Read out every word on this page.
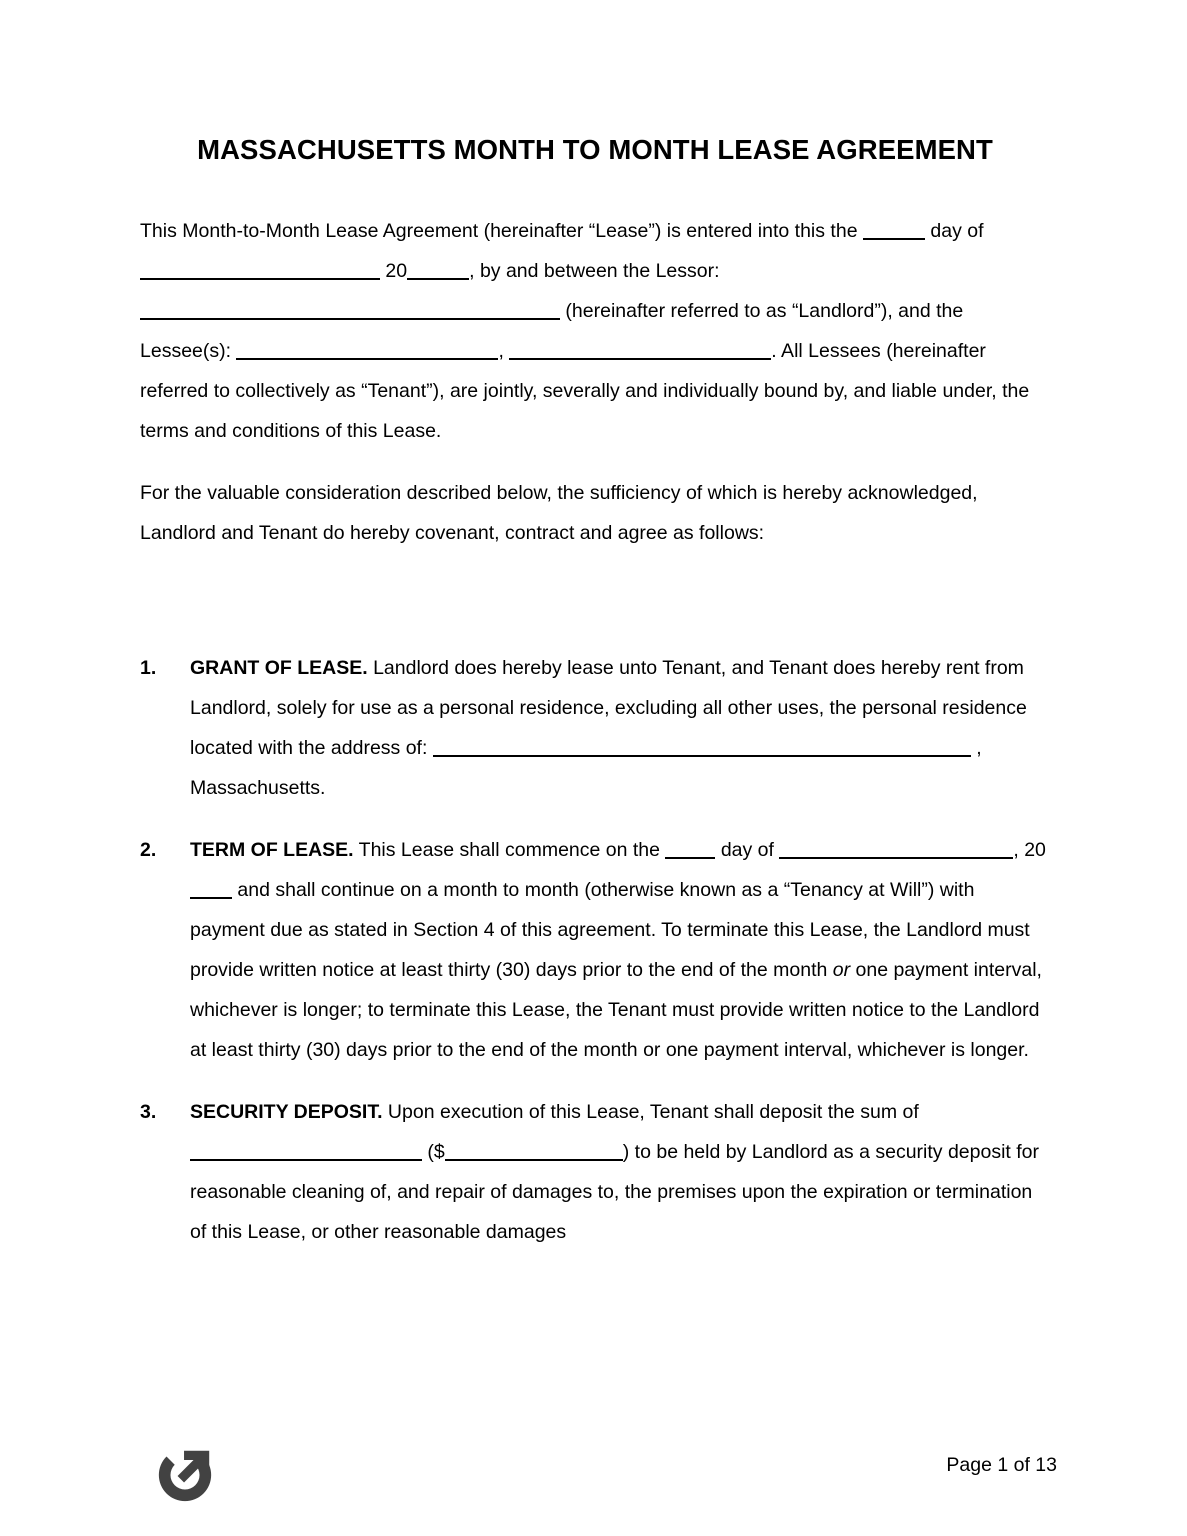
MASSACHUSETTS MONTH TO MONTH LEASE AGREEMENT

This Month-to-Month Lease Agreement (hereinafter “Lease”) is entered into this the	day of  20	, by and between the Lessor:  (hereinafter referred to as “Landlord”), and the Lessee(s):	,	. All Lessees (hereinafter referred to collectively as “Tenant”), are jointly, severally and individually bound by, and liable under, the terms and conditions of this Lease.

For the valuable consideration described below, the sufficiency of which is hereby acknowledged, Landlord and Tenant do hereby covenant, contract and agree as follows:

1. GRANT OF LEASE. Landlord does hereby lease unto Tenant, and Tenant does hereby rent from Landlord, solely for use as a personal residence, excluding all other uses, the personal residence located with the address of:	, Massachusetts.
2. TERM OF LEASE. This Lease shall commence on the	day of	, 20 and shall continue on a month to month (otherwise known as a “Tenancy at Will”) with payment due as stated in Section 4 of this agreement. To terminate this Lease, the Landlord must provide written notice at least thirty (30) days prior to the end of the month or one payment interval, whichever is longer; to terminate this Lease, the Tenant must provide written notice to the Landlord at least thirty (30) days prior to the end of the month or one payment interval, whichever is longer.
3. SECURITY DEPOSIT. Upon execution of this Lease, Tenant shall deposit the sum of  ($	) to be held by Landlord as a security deposit for reasonable cleaning of, and repair of damages to, the premises upon the expiration or termination of this Lease, or other reasonable damages
Page 1 of 13
